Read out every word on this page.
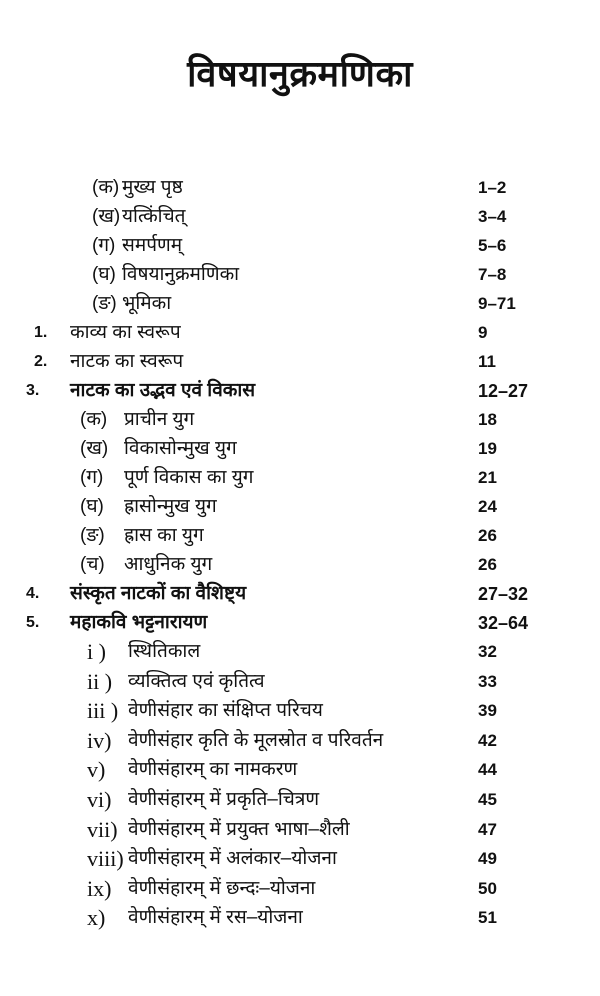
विषयानुक्रमणिका
(क) मुख्य पृष्ठ	1–2
(ख) यत्किंचित्	3–4
(ग) समर्पणम्	5–6
(घ) विषयानुक्रमणिका	7–8
(ङ) भूमिका	9–71
1. काव्य का स्वरूप	9
2. नाटक का स्वरूप	11
3. नाटक का उद्भव एवं विकास	12–27
(क) प्राचीन युग	18
(ख) विकासोन्मुख युग	19
(ग) पूर्ण विकास का युग	21
(घ) ह्रासोन्मुख युग	24
(ङ) ह्रास का युग	26
(च) आधुनिक युग	26
4. संस्कृत नाटकों का वैशिष्ट्य	27–32
5. महाकवि भट्टनारायण	32–64
i ) स्थितिकाल	32
ii ) व्यक्तित्व एवं कृतित्व	33
iii ) वेणीसंहार का संक्षिप्त परिचय	39
iv) वेणीसंहार कृति के मूलस्रोत व परिवर्तन	42
v) वेणीसंहारम् का नामकरण	44
vi) वेणीसंहारम् में प्रकृति–चित्रण	45
vii) वेणीसंहारम् में प्रयुक्त भाषा–शैली	47
viii) वेणीसंहारम् में अलंकार–योजना	49
ix) वेणीसंहारम् में छन्दः–योजना	50
x) वेणीसंहारम् में रस–योजना	51
